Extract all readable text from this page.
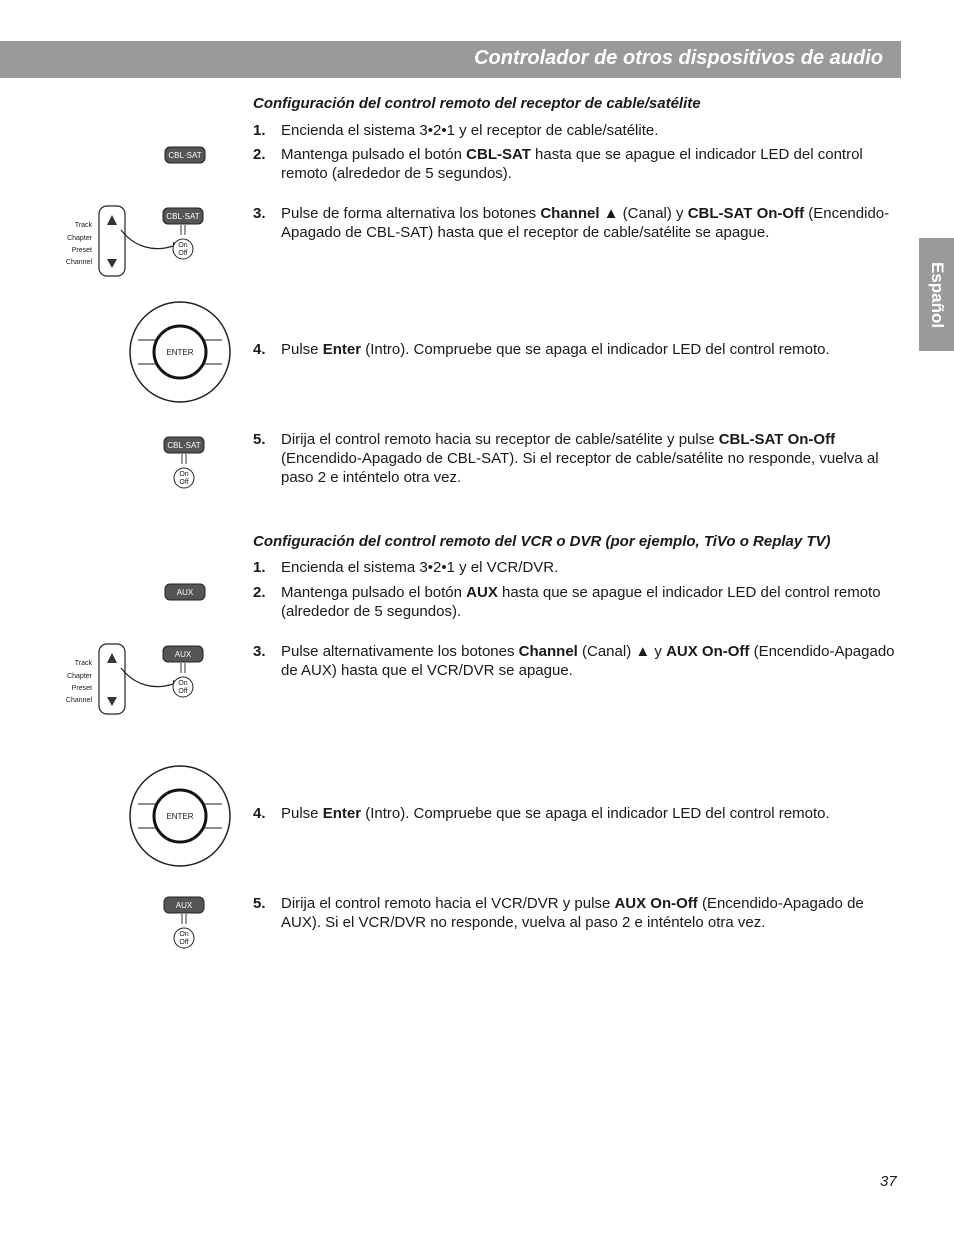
Controlador de otros dispositivos de audio
Español
Configuración del control remoto del receptor de cable/satélite
1. Encienda el sistema 3•2•1 y el receptor de cable/satélite.
2. Mantenga pulsado el botón CBL-SAT hasta que se apague el indicador LED del control remoto (alrededor de 5 segundos).
3. Pulse de forma alternativa los botones Channel ▲ (Canal) y CBL-SAT On-Off (Encendido-Apagado de CBL-SAT) hasta que el receptor de cable/satélite se apague.
4. Pulse Enter (Intro). Compruebe que se apaga el indicador LED del control remoto.
5. Dirija el control remoto hacia su receptor de cable/satélite y pulse CBL-SAT On-Off (Encendido-Apagado de CBL-SAT). Si el receptor de cable/satélite no responde, vuelva al paso 2 e inténtelo otra vez.
Configuración del control remoto del VCR o DVR (por ejemplo, TiVo o Replay TV)
1. Encienda el sistema 3•2•1 y el VCR/DVR.
2. Mantenga pulsado el botón AUX hasta que se apague el indicador LED del control remoto (alrededor de 5 segundos).
3. Pulse alternativamente los botones Channel (Canal) ▲ y AUX On-Off (Encendido-Apagado de AUX) hasta que el VCR/DVR se apague.
4. Pulse Enter (Intro). Compruebe que se apaga el indicador LED del control remoto.
5. Dirija el control remoto hacia el VCR/DVR y pulse AUX On-Off (Encendido-Apagado de AUX). Si el VCR/DVR no responde, vuelva al paso 2 e inténtelo otra vez.
CBL·SAT
Track
Chapter
Preset
Channel
CBL·SAT
On
Off
ENTER
CBL·SAT
On
Off
AUX
Track
Chapter
Preset
Channel
AUX
On
Off
ENTER
AUX
On
Off
37
